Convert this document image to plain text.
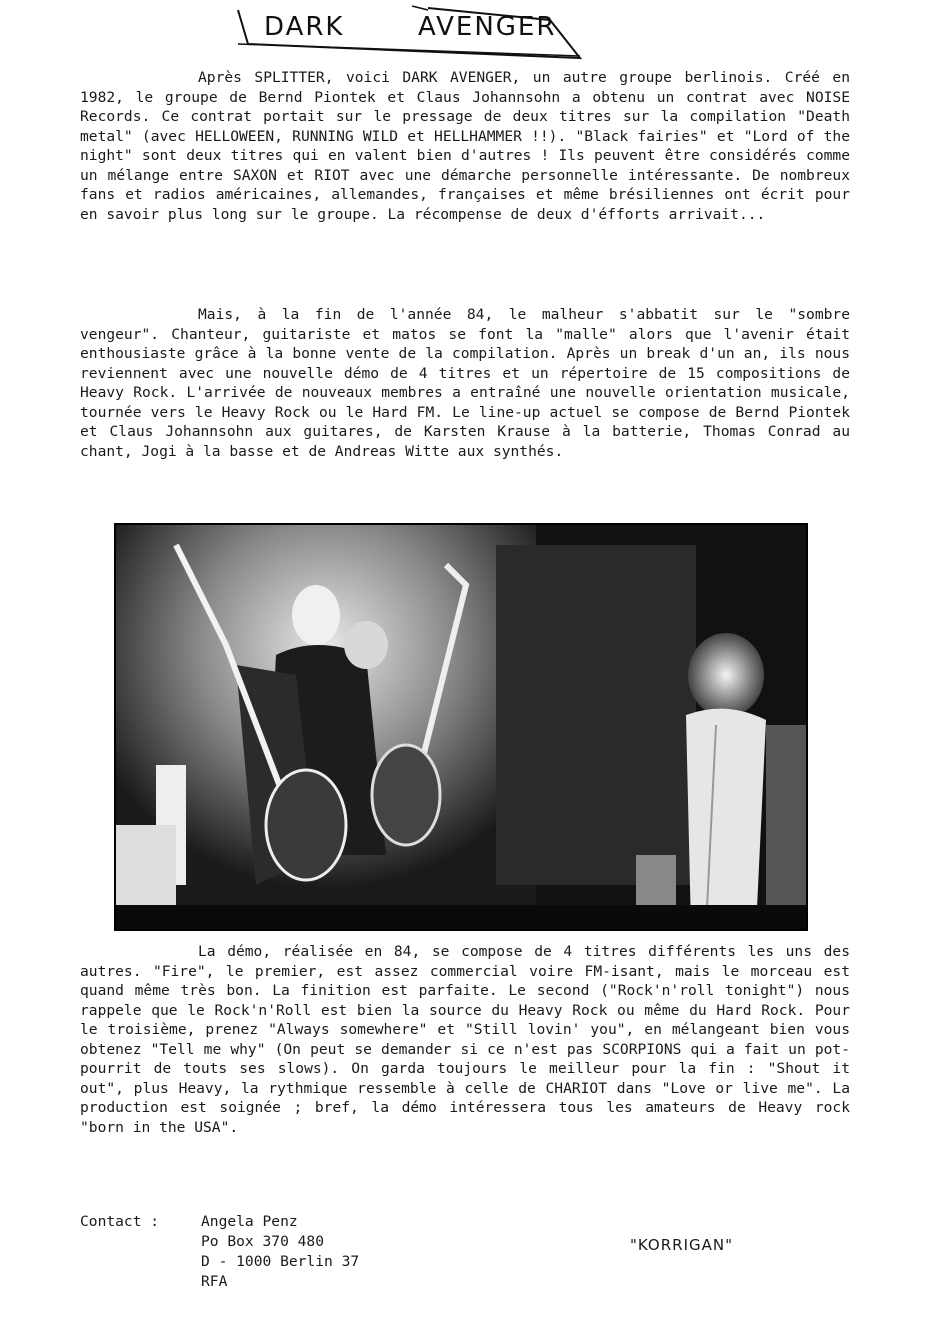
DARK	AVENGER

Après SPLITTER, voici DARK AVENGER, un autre groupe berlinois. Créé en 1982, le groupe de Bernd Piontek et Claus Johannsohn a obtenu un contrat avec NOISE Records. Ce contrat portait sur le pressage de deux titres sur la compilation "Death metal" (avec HELLOWEEN, RUNNING WILD et HELLHAMMER !!). "Black fairies" et "Lord of the night" sont deux titres qui en valent bien d'autres ! Ils peuvent être considérés comme un mélange entre SAXON et RIOT avec une démarche personnelle intéressante. De nombreux fans et radios américaines, allemandes, françaises et même brésiliennes ont écrit pour en savoir plus long sur le groupe. La récompense de deux d'éfforts arrivait...

Mais, à la fin de l'année 84, le malheur s'abbatit sur le "sombre vengeur". Chanteur, guitariste et matos se font la "malle" alors que l'avenir était enthousiaste grâce à la bonne vente de la compilation. Après un break d'un an, ils nous reviennent avec une nouvelle démo de 4 titres et un répertoire de 15 compositions de Heavy Rock. L'arrivée de nouveaux membres a entraîné une nouvelle orientation musicale, tournée vers le Heavy Rock ou le Hard FM. Le line-up actuel se compose de Bernd Piontek et Claus Johannsohn aux guitares, de Karsten Krause à la batterie, Thomas Conrad au chant, Jogi à la basse et de Andreas Witte aux synthés.

La démo, réalisée en 84, se compose de 4 titres différents les uns des autres. "Fire", le premier, est assez commercial voire FM-isant, mais le morceau est quand même très bon. La finition est parfaite. Le second ("Rock'n'roll tonight") nous rappele que le Rock'n'Roll est bien la source du Heavy Rock ou même du Hard Rock. Pour le troisième, prenez "Always somewhere" et "Still lovin' you", en mélangeant bien vous obtenez "Tell me why" (On peut se demander si ce n'est pas SCORPIONS qui a fait un pot-pourrit de touts ses slows). On garda toujours le meilleur pour la fin : "Shout it out", plus Heavy, la rythmique ressemble à celle de CHARIOT dans "Love or live me". La production est soignée ; bref, la démo intéressera tous les amateurs de Heavy rock "born in the USA".

Contact :	Angela Penz
Po Box 370 480
D - 1000 Berlin 37
RFA
"KORRIGAN"
